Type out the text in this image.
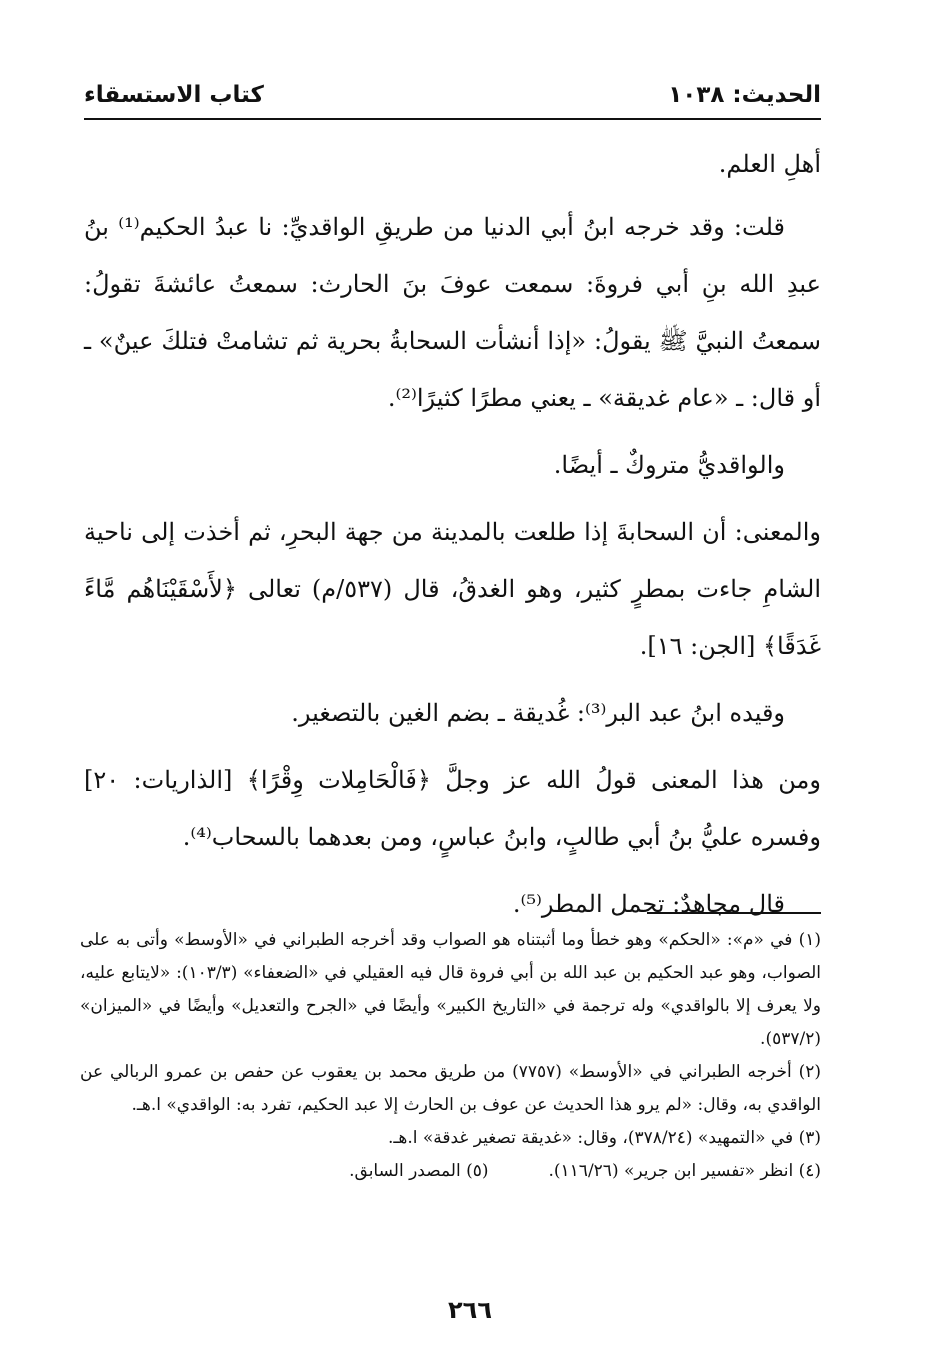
الحديث: ١٠٣٨
كتاب الاستسقاء

أهلِ العلم.

قلت: وقد خرجه ابنُ أبي الدنيا من طريقِ الواقديِّ: نا عبدُ الحكيم⁽¹⁾ بنُ عبدِ الله بنِ أبي فروةَ: سمعت عوفَ بنَ الحارث: سمعتُ عائشةَ تقولُ: سمعتُ النبيَّ ﷺ يقولُ: «إذا أنشأت السحابةُ بحرية ثم تشامتْ فتلكَ عينٌ» ـ أو قال: ـ «عام غديقة» ـ يعني مطرًا كثيرًا⁽²⁾.

والواقديُّ متروكٌ ـ أيضًا.

والمعنى: أن السحابةَ إذا طلعت بالمدينة من جهة البحرِ، ثم أخذت إلى ناحية الشامِ جاءت بمطرٍ كثير، وهو الغدقُ، قال (٥٣٧/م) تعالى ﴿لأَسْقَيْنَاهُم مَّاءً غَدَقًا﴾ [الجن: ١٦].

وقيده ابنُ عبد البر⁽³⁾: غُديقة ـ بضم الغين بالتصغير.

ومن هذا المعنى قولُ الله عز وجلَّ ﴿فَالْحَامِلات وِقْرًا﴾ [الذاريات: ٢٠] وفسره عليُّ بنُ أبي طالبٍ، وابنُ عباسٍ، ومن بعدهما بالسحاب⁽⁴⁾.

قال مجاهدٌ: تحمل المطر⁽⁵⁾.

(١) في «م»: «الحكم» وهو خطأ وما أثبتناه هو الصواب وقد أخرجه الطبراني في «الأوسط» وأتى به على الصواب، وهو عبد الحكيم بن عبد الله بن أبي فروة قال فيه العقيلي في «الضعفاء» (١٠٣/٣): «لايتابع عليه، ولا يعرف إلا بالواقدي» وله ترجمة في «التاريخ الكبير» وأيضًا في «الجرح والتعديل» وأيضًا في «الميزان» (٥٣٧/٢).

(٢) أخرجه الطبراني في «الأوسط» (٧٧٥٧) من طريق محمد بن يعقوب عن حفص بن عمرو الربالي عن الواقدي به، وقال: «لم يرو هذا الحديث عن عوف بن الحارث إلا عبد الحكيم، تفرد به: الواقدي» ا.هـ.

(٣) في «التمهيد» (٣٧٨/٢٤)، وقال: «غديقة تصغير غدقة» ا.هـ.

(٤) انظر «تفسير ابن جرير» (١١٦/٢٦).
(٥) المصدر السابق.
٢٦٦
